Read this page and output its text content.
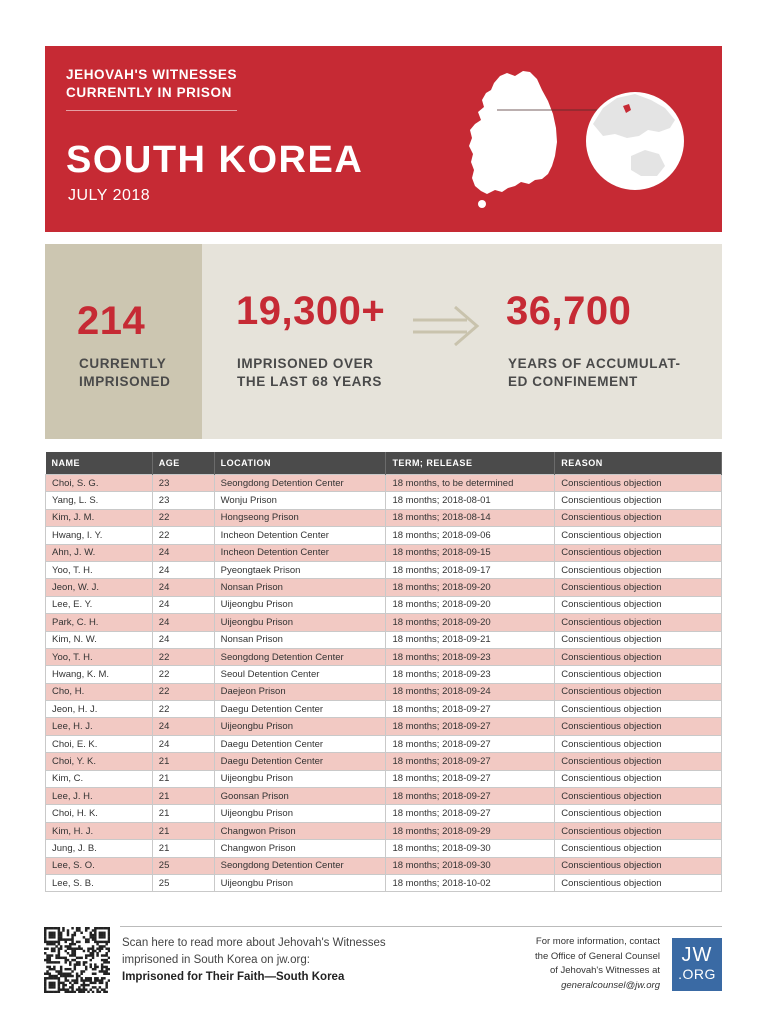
JEHOVAH'S WITNESSES
CURRENTLY IN PRISON
SOUTH KOREA
JULY 2018
214
CURRENTLY
IMPRISONED
19,300+
IMPRISONED OVER
THE LAST 68 YEARS
36,700
YEARS OF ACCUMULAT-
ED CONFINEMENT
NAME	AGE	LOCATION	TERM; RELEASE	REASON
Choi, S. G.	23	Seongdong Detention Center	18 months, to be determined	Conscientious objection
Yang, L. S.	23	Wonju Prison	18 months; 2018-08-01	Conscientious objection
Kim, J. M.	22	Hongseong Prison	18 months; 2018-08-14	Conscientious objection
Hwang, I. Y.	22	Incheon Detention Center	18 months; 2018-09-06	Conscientious objection
Ahn, J. W.	24	Incheon Detention Center	18 months; 2018-09-15	Conscientious objection
Yoo, T. H.	24	Pyeongtaek Prison	18 months; 2018-09-17	Conscientious objection
Jeon, W. J.	24	Nonsan Prison	18 months; 2018-09-20	Conscientious objection
Lee, E. Y.	24	Uijeongbu Prison	18 months; 2018-09-20	Conscientious objection
Park, C. H.	24	Uijeongbu Prison	18 months; 2018-09-20	Conscientious objection
Kim, N. W.	24	Nonsan Prison	18 months; 2018-09-21	Conscientious objection
Yoo, T. H.	22	Seongdong Detention Center	18 months; 2018-09-23	Conscientious objection
Hwang, K. M.	22	Seoul Detention Center	18 months; 2018-09-23	Conscientious objection
Cho, H.	22	Daejeon Prison	18 months; 2018-09-24	Conscientious objection
Jeon, H. J.	22	Daegu Detention Center	18 months; 2018-09-27	Conscientious objection
Lee, H. J.	24	Uijeongbu Prison	18 months; 2018-09-27	Conscientious objection
Choi, E. K.	24	Daegu Detention Center	18 months; 2018-09-27	Conscientious objection
Choi, Y. K.	21	Daegu Detention Center	18 months; 2018-09-27	Conscientious objection
Kim, C.	21	Uijeongbu Prison	18 months; 2018-09-27	Conscientious objection
Lee, J. H.	21	Goonsan Prison	18 months; 2018-09-27	Conscientious objection
Choi, H. K.	21	Uijeongbu Prison	18 months; 2018-09-27	Conscientious objection
Kim, H. J.	21	Changwon Prison	18 months; 2018-09-29	Conscientious objection
Jung, J. B.	21	Changwon Prison	18 months; 2018-09-30	Conscientious objection
Lee, S. O.	25	Seongdong Detention Center	18 months; 2018-09-30	Conscientious objection
Lee, S. B.	25	Uijeongbu Prison	18 months; 2018-10-02	Conscientious objection
Scan here to read more about Jehovah's Witnesses
imprisoned in South Korea on jw.org:
Imprisoned for Their Faith—South Korea
For more information, contact
the Office of General Counsel
of Jehovah's Witnesses at
generalcounsel@jw.org
JW
.ORG
